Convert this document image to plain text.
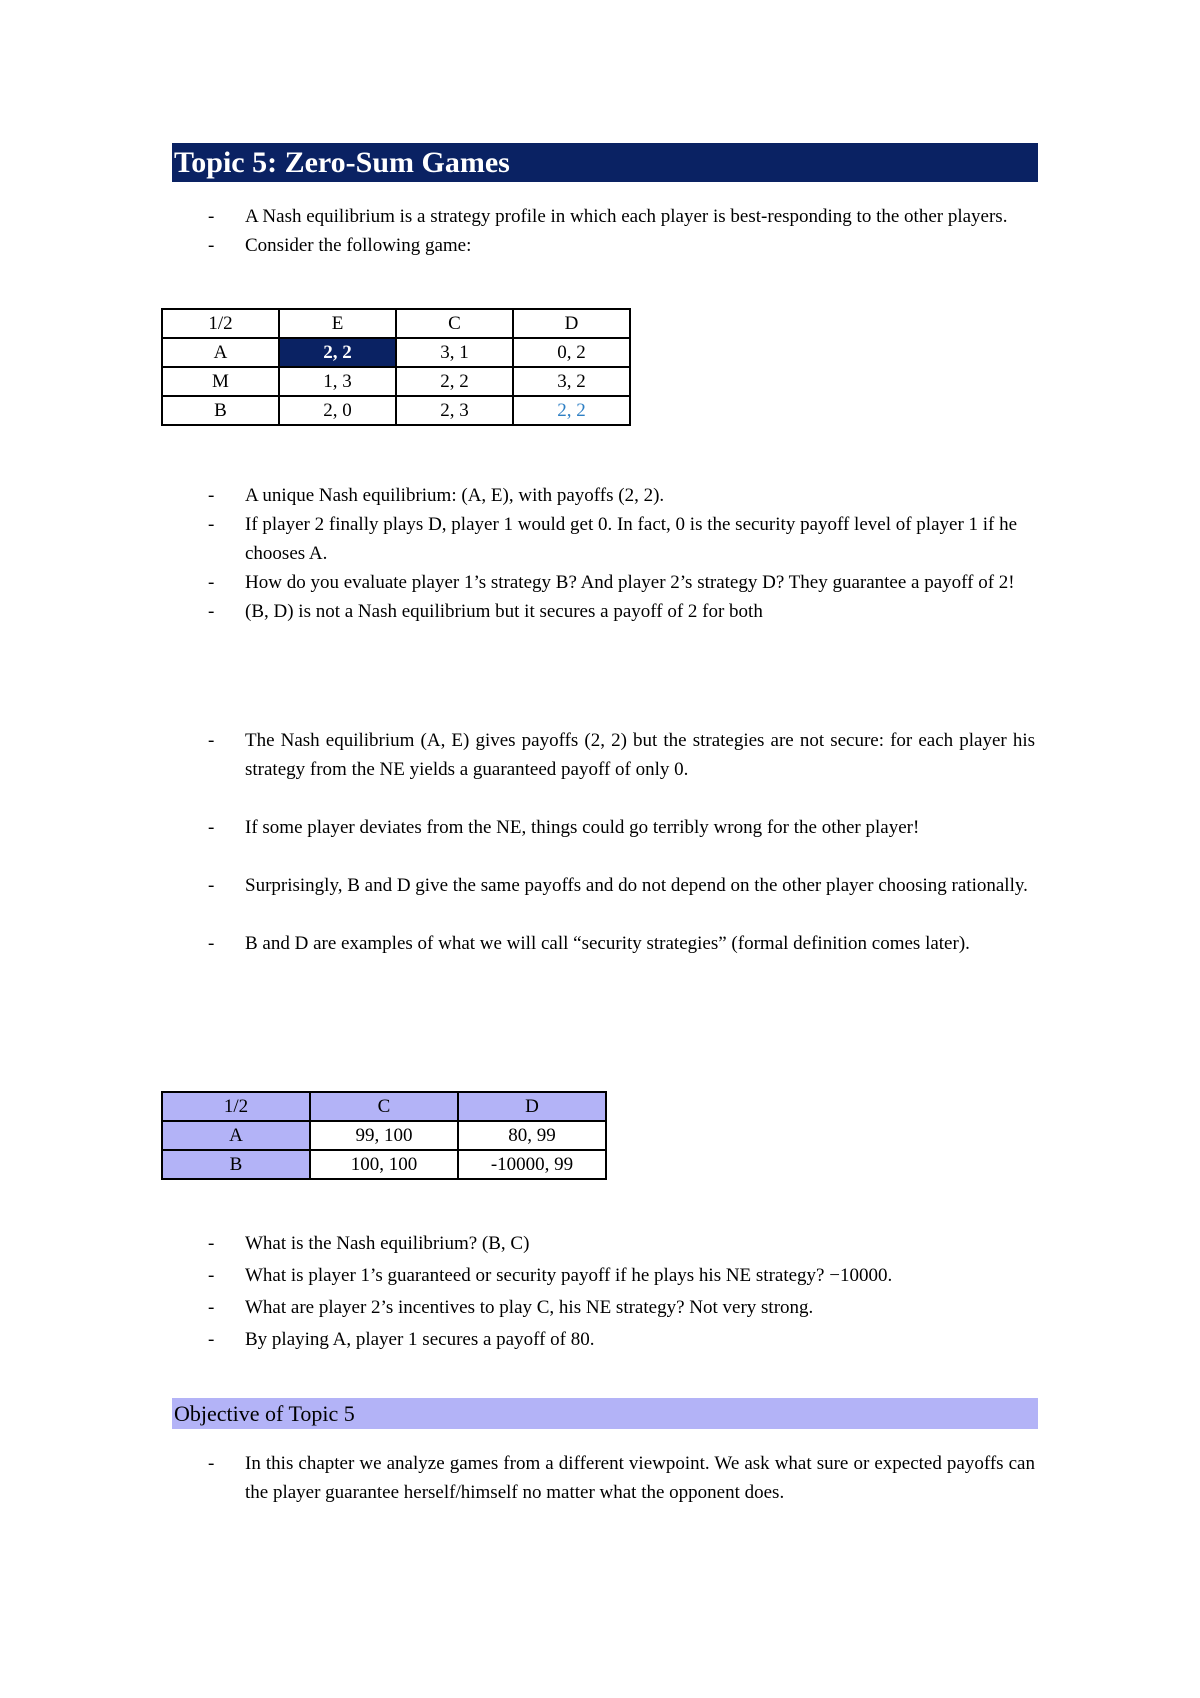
Topic 5: Zero-Sum Games
- A Nash equilibrium is a strategy profile in which each player is best-responding to the other players.
- Consider the following game:
1/2	E	C	D
A	2, 2	3, 1	0, 2
M	1, 3	2, 2	3, 2
B	2, 0	2, 3	2, 2
- A unique Nash equilibrium: (A, E), with payoffs (2, 2).
- If player 2 finally plays D, player 1 would get 0. In fact, 0 is the security payoff level of player 1 if he chooses A.
- How do you evaluate player 1’s strategy B? And player 2’s strategy D? They guarantee a payoff of 2!
- (B, D) is not a Nash equilibrium but it secures a payoff of 2 for both
- The Nash equilibrium (A, E) gives payoffs (2, 2) but the strategies are not secure: for each player his strategy from the NE yields a guaranteed payoff of only 0.
- If some player deviates from the NE, things could go terribly wrong for the other player!
- Surprisingly, B and D give the same payoffs and do not depend on the other player choosing rationally.
- B and D are examples of what we will call “security strategies” (formal definition comes later).
1/2	C	D
A	99, 100	80, 99
B	100, 100	-10000, 99
- What is the Nash equilibrium? (B, C)
- What is player 1’s guaranteed or security payoff if he plays his NE strategy? −10000.
- What are player 2’s incentives to play C, his NE strategy? Not very strong.
- By playing A, player 1 secures a payoff of 80.
Objective of Topic 5
- In this chapter we analyze games from a different viewpoint. We ask what sure or expected payoffs can the player guarantee herself/himself no matter what the opponent does.
